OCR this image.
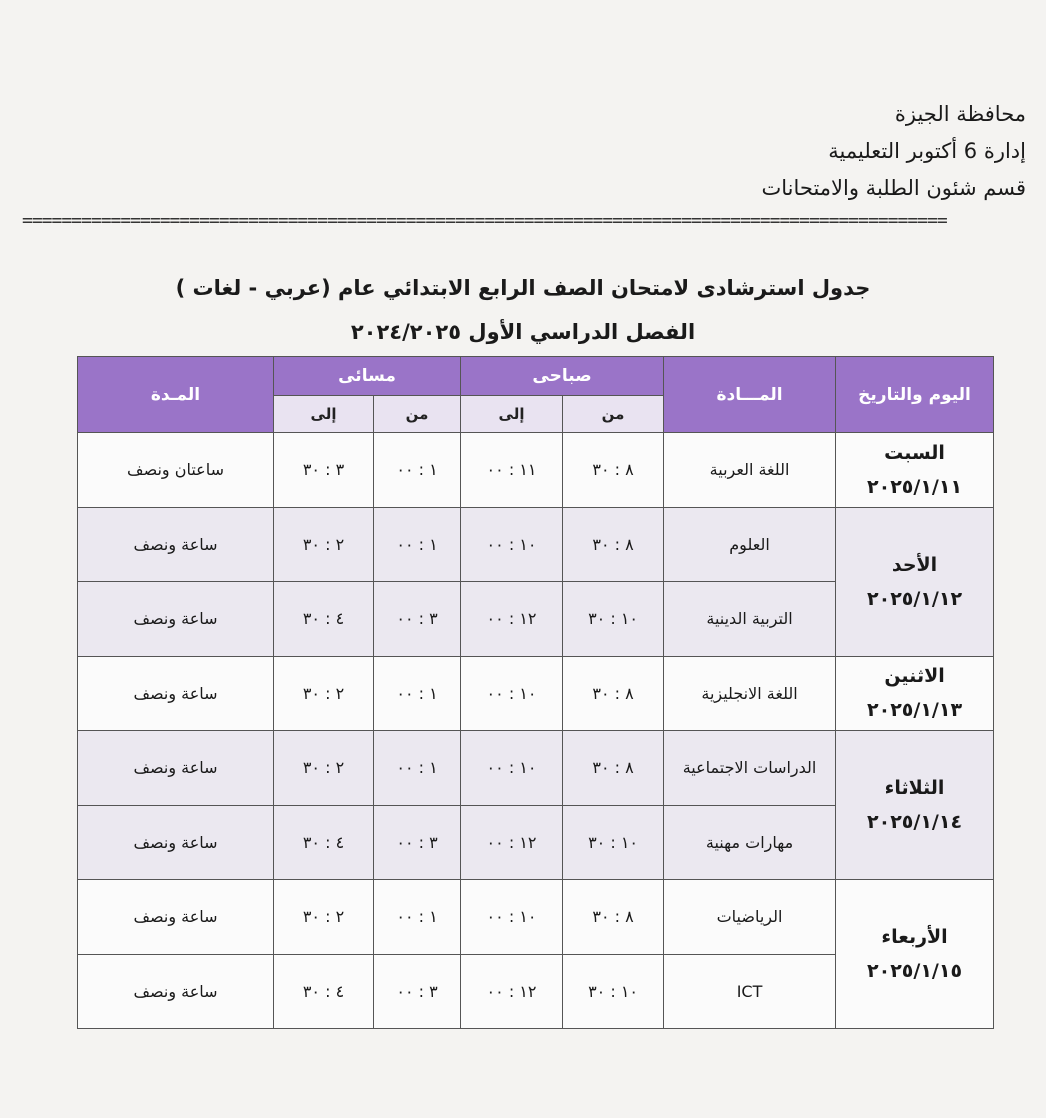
محافظة الجيزة
إدارة 6 أكتوبر التعليمية
قسم شئون الطلبة والامتحانات
==============================================================================================
جدول استرشادى لامتحان الصف الرابع الابتدائي عام (عربي - لغات )
الفصل الدراسي الأول ٢٠٢٤/٢٠٢٥
اليوم والتاريخ	المـــادة	صباحى		مسائى		المـدة
		من	إلى	من	إلى	

السبت
٢٠٢٥/١/١١	اللغة العربية	٨ : ٣٠	١١ : ٠٠	١ : ٠٠	٣ : ٣٠	ساعتان ونصف

الأحد
٢٠٢٥/١/١٢	العلوم	٨ : ٣٠	١٠ : ٠٠	١ : ٠٠	٢ : ٣٠	ساعة ونصف
	التربية الدينية	١٠ : ٣٠	١٢ : ٠٠	٣ : ٠٠	٤ : ٣٠	ساعة ونصف

الاثنين
٢٠٢٥/١/١٣	اللغة الانجليزية	٨ : ٣٠	١٠ : ٠٠	١ : ٠٠	٢ : ٣٠	ساعة ونصف

الثلاثاء
٢٠٢٥/١/١٤	الدراسات الاجتماعية	٨ : ٣٠	١٠ : ٠٠	١ : ٠٠	٢ : ٣٠	ساعة ونصف
	مهارات مهنية	١٠ : ٣٠	١٢ : ٠٠	٣ : ٠٠	٤ : ٣٠	ساعة ونصف

الأربعاء
٢٠٢٥/١/١٥	الرياضيات	٨ : ٣٠	١٠ : ٠٠	١ : ٠٠	٢ : ٣٠	ساعة ونصف
	ICT	١٠ : ٣٠	١٢ : ٠٠	٣ : ٠٠	٤ : ٣٠	ساعة ونصف
